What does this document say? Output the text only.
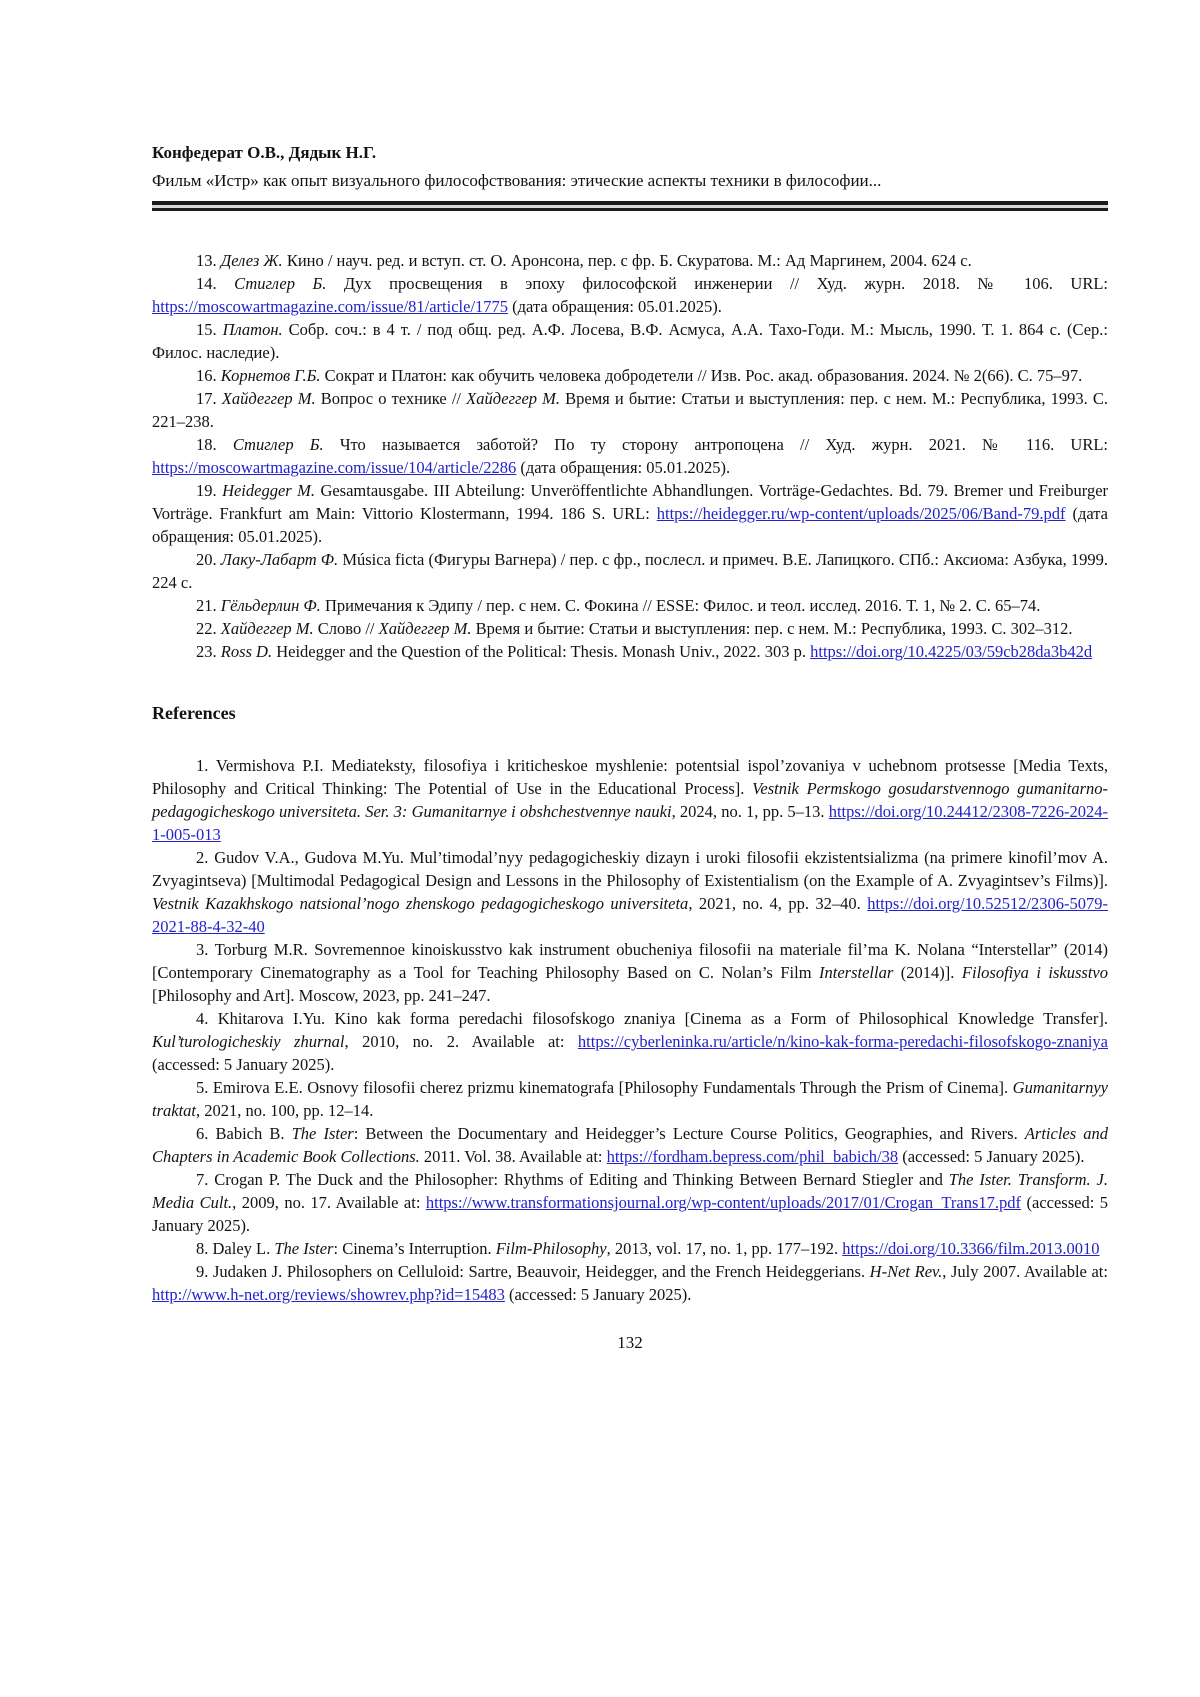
Конфедерат О.В., Дядык Н.Г.
Фильм «Истр» как опыт визуального философствования: этические аспекты техники в философии...

13. Делез Ж. Кино / науч. ред. и вступ. ст. О. Аронсона, пер. с фр. Б. Скуратова. М.: Ад Маргинем, 2004. 624 с.

14. Стиглер Б. Дух просвещения в эпоху философской инженерии // Худ. журн. 2018. № 106. URL: https://moscowartmagazine.com/issue/81/article/1775 (дата обращения: 05.01.2025).

15. Платон. Собр. соч.: в 4 т. / под общ. ред. А.Ф. Лосева, В.Ф. Асмуса, А.А. Тахо-Годи. М.: Мысль, 1990. Т. 1. 864 с. (Сер.: Филос. наследие).

16. Корнетов Г.Б. Сократ и Платон: как обучить человека добродетели // Изв. Рос. акад. образования. 2024. № 2(66). С. 75–97.

17. Хайдеггер М. Вопрос о технике // Хайдеггер М. Время и бытие: Статьи и выступления: пер. с нем. М.: Республика, 1993. С. 221–238.

18. Стиглер Б. Что называется заботой? По ту сторону антропоцена // Худ. журн. 2021. № 116. URL: https://moscowartmagazine.com/issue/104/article/2286 (дата обращения: 05.01.2025).

19. Heidegger M. Gesamtausgabe. III Abteilung: Unveröffentlichte Abhandlungen. Vorträge-Gedachtes. Bd. 79. Bremer und Freiburger Vorträge. Frankfurt am Main: Vittorio Klostermann, 1994. 186 S. URL: https://heidegger.ru/wp-content/uploads/2025/06/Band-79.pdf (дата обращения: 05.01.2025).

20. Лаку-Лабарт Ф. Música ficta (Фигуры Вагнера) / пер. с фр., послесл. и примеч. В.Е. Лапицкого. СПб.: Аксиома: Азбука, 1999. 224 с.

21. Гёльдерлин Ф. Примечания к Эдипу / пер. с нем. С. Фокина // ESSE: Филос. и теол. исслед. 2016. Т. 1, № 2. С. 65–74.

22. Хайдеггер М. Слово // Хайдеггер М. Время и бытие: Статьи и выступления: пер. с нем. М.: Республика, 1993. С. 302–312.

23. Ross D. Heidegger and the Question of the Political: Thesis. Monash Univ., 2022. 303 p. https://doi.org/10.4225/03/59cb28da3b42d

References

1. Vermishova P.I. Mediateksty, filosofiya i kriticheskoe myshlenie: potentsial ispol’zovaniya v uchebnom protsesse [Media Texts, Philosophy and Critical Thinking: The Potential of Use in the Educational Process]. Vestnik Permskogo gosudarstvennogo gumanitarno-pedagogicheskogo universiteta. Ser. 3: Gumanitarnye i obshchestvennye nauki, 2024, no. 1, pp. 5–13. https://doi.org/10.24412/2308-7226-2024-1-005-013

2. Gudov V.A., Gudova M.Yu. Mul’timodal’nyy pedagogicheskiy dizayn i uroki filosofii ekzistentsializma (na primere kinofil’mov A. Zvyagintseva) [Multimodal Pedagogical Design and Lessons in the Philosophy of Existentialism (on the Example of A. Zvyagintsev’s Films)]. Vestnik Kazakhskogo natsional’nogo zhenskogo pedagogicheskogo universiteta, 2021, no. 4, pp. 32–40. https://doi.org/10.52512/2306-5079-2021-88-4-32-40

3. Torburg M.R. Sovremennoe kinoiskusstvo kak instrument obucheniya filosofii na materiale fil’ma K. Nolana “Interstellar” (2014) [Contemporary Cinematography as a Tool for Teaching Philosophy Based on C. Nolan’s Film Interstellar (2014)]. Filosofiya i iskusstvo [Philosophy and Art]. Moscow, 2023, pp. 241–247.

4. Khitarova I.Yu. Kino kak forma peredachi filosofskogo znaniya [Cinema as a Form of Philosophical Knowledge Transfer]. Kul’turologicheskiy zhurnal, 2010, no. 2. Available at: https://cyberleninka.ru/article/n/kino-kak-forma-peredachi-filosofskogo-znaniya (accessed: 5 January 2025).

5. Emirova E.E. Osnovy filosofii cherez prizmu kinematografa [Philosophy Fundamentals Through the Prism of Cinema]. Gumanitarnyy traktat, 2021, no. 100, pp. 12–14.

6. Babich B. The Ister: Between the Documentary and Heidegger’s Lecture Course Politics, Geographies, and Rivers. Articles and Chapters in Academic Book Collections. 2011. Vol. 38. Available at: https://fordham.bepress.com/phil_babich/38 (accessed: 5 January 2025).

7. Crogan P. The Duck and the Philosopher: Rhythms of Editing and Thinking Between Bernard Stiegler and The Ister. Transform. J. Media Cult., 2009, no. 17. Available at: https://www.transformationsjournal.org/wp-content/uploads/2017/01/Crogan_Trans17.pdf (accessed: 5 January 2025).

8. Daley L. The Ister: Cinema’s Interruption. Film-Philosophy, 2013, vol. 17, no. 1, pp. 177–192. https://doi.org/10.3366/film.2013.0010

9. Judaken J. Philosophers on Celluloid: Sartre, Beauvoir, Heidegger, and the French Heideggerians. H-Net Rev., July 2007. Available at: http://www.h-net.org/reviews/showrev.php?id=15483 (accessed: 5 January 2025).

132
